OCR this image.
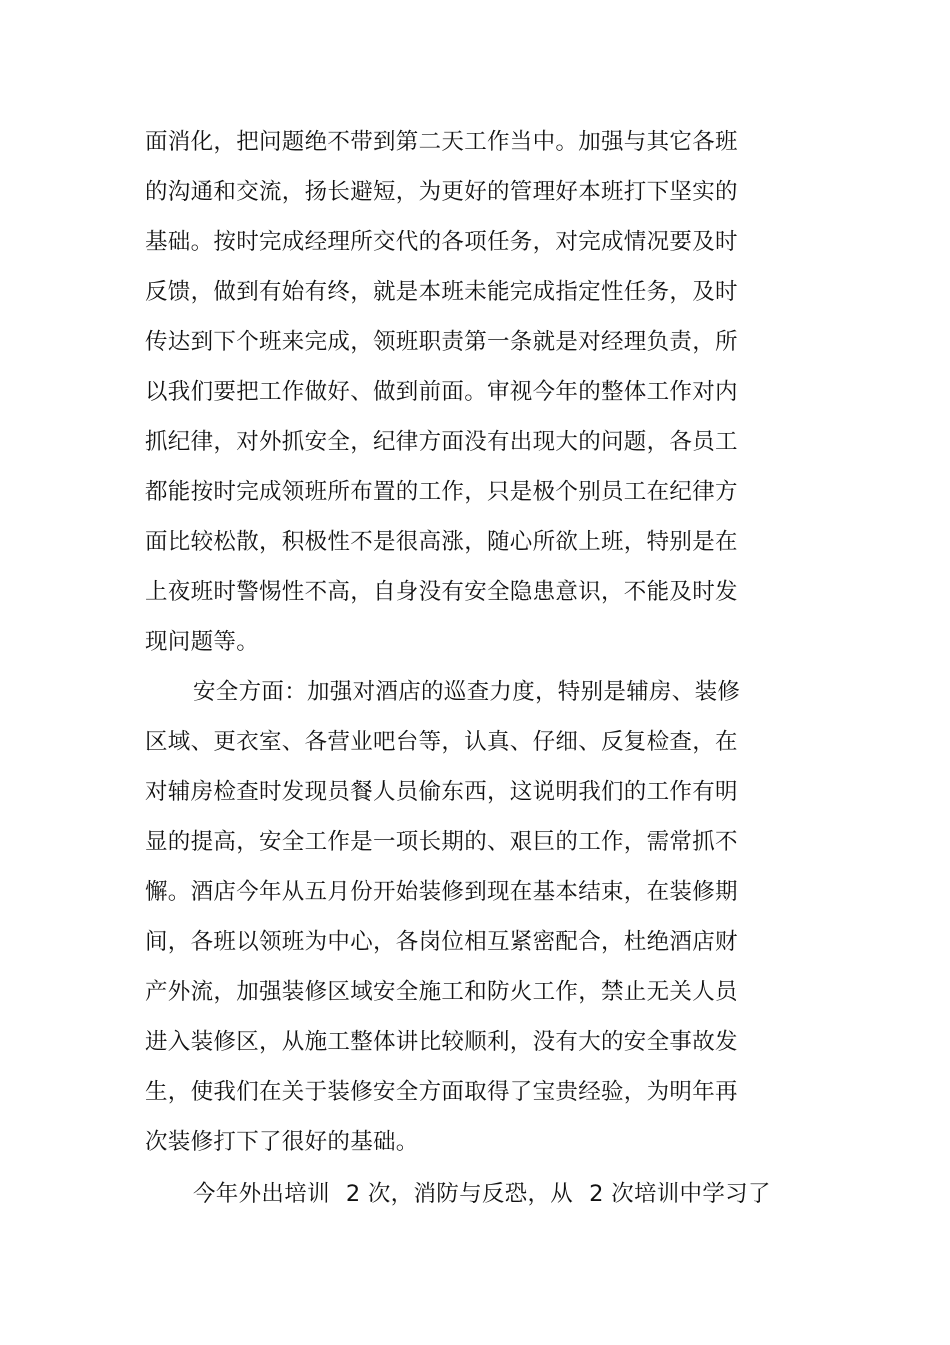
面消化，把问题绝不带到第二天工作当中。加强与其它各班
的沟通和交流，扬长避短，为更好的管理好本班打下坚实的
基础。按时完成经理所交代的各项任务，对完成情况要及时
反馈，做到有始有终，就是本班未能完成指定性任务，及时
传达到下个班来完成，领班职责第一条就是对经理负责，所
以我们要把工作做好、做到前面。审视今年的整体工作对内
抓纪律，对外抓安全，纪律方面没有出现大的问题，各员工
都能按时完成领班所布置的工作，只是极个别员工在纪律方
面比较松散，积极性不是很高涨，随心所欲上班，特别是在
上夜班时警惕性不高，自身没有安全隐患意识，不能及时发
现问题等。
安全方面：加强对酒店的巡查力度，特别是辅房、装修
区域、更衣室、各营业吧台等，认真、仔细、反复检查，在
对辅房检查时发现员餐人员偷东西，这说明我们的工作有明
显的提高，安全工作是一项长期的、艰巨的工作，需常抓不
懈。酒店今年从五月份开始装修到现在基本结束，在装修期
间，各班以领班为中心，各岗位相互紧密配合，杜绝酒店财
产外流，加强装修区域安全施工和防火工作，禁止无关人员
进入装修区，从施工整体讲比较顺利，没有大的安全事故发
生，使我们在关于装修安全方面取得了宝贵经验，为明年再
次装修打下了很好的基础。
今年外出培训 2 次，消防与反恐，从 2 次培训中学习了
